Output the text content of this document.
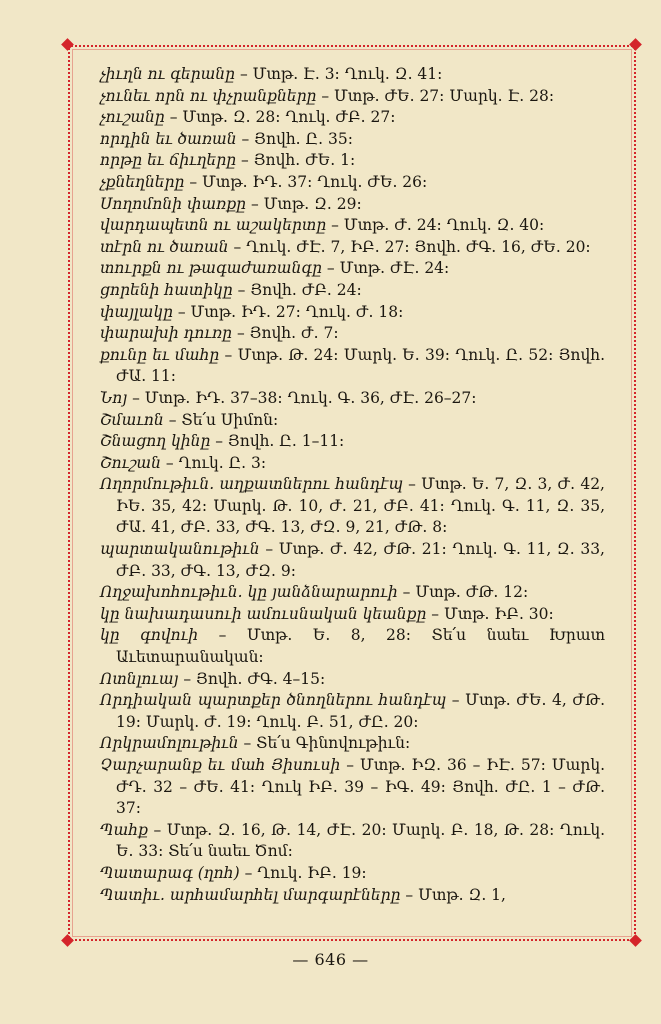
չիւղն ու գերանը – Մտթ. Է. 3: Ղուկ. Զ. 41:

չունեւ որն ու փչրանքները – Մտթ. ԺԵ. 27: Մարկ. Է. 28:

չուշանը – Մտթ. Զ. 28: Ղուկ. ԺԲ. 27:

որդին եւ ծառան – Յովհ. Ը. 35:

որթը եւ ճիւղերը – Յովհ. ԺԵ. 1:

չքնեղները – Մտթ. ԻԴ. 37: Ղուկ. ԺԵ. 26:

Սողոմոնի փառքը – Մտթ. Զ. 29:

վարդապետն ու աշակերտը – Մտթ. Ժ. 24: Ղուկ. Զ. 40:

տէրն ու ծառան – Ղուկ. ԺԷ. 7, ԻԲ. 27: Յովհ. ԺԳ. 16, ԺԵ. 20:

տուրքն ու թագաժառանգը – Մտթ. ԺԷ. 24:

ցորենի հատիկը – Յովհ. ԺԲ. 24:

փայլակը – Մտթ. ԻԴ. 27: Ղուկ. Ժ. 18:

փարախի դուռը – Յովհ. Ժ. 7:

քունը եւ մահը – Մտթ. Թ. 24: Մարկ. Ե. 39: Ղուկ. Ը. 52: Յովհ. ԺԱ. 11:

Նոյ – Մտթ. ԻԴ. 37–38: Ղուկ. Գ. 36, ԺԷ. 26–27:

Շմաւոն – Տե՛ս Սիմոն:

Շնացող կինը – Յովհ. Ը. 1–11:

Շուշան – Ղուկ. Ը. 3:

Ողորմութիւն. աղքատներու հանդէպ – Մտթ. Ե. 7, Զ. 3, Ժ. 42, ԻԵ. 35, 42: Մարկ. Թ. 10, Ժ. 21, ԺԲ. 41: Ղուկ. Գ. 11, Զ. 35, ԺԱ. 41, ԺԲ. 33, ԺԳ. 13, ԺԶ. 9, 21, ԺԹ. 8:

պարտականութիւն – Մտթ. Ժ. 42, ԺԹ. 21: Ղուկ. Գ. 11, Զ. 33, ԺԲ. 33, ԺԳ. 13, ԺԶ. 9:

Ողջախոհութիւն. կը յանձնարարուի – Մտթ. ԺԹ. 12:

կը նախադասուի ամուսնական կեանքը – Մտթ. ԻԲ. 30:

կը գովուի – Մտթ. Ե. 8, 28: Տե՛ս նաեւ Խրատ Աւետարանական:

Ոտնլուայ – Յովհ. ԺԳ. 4–15:

Որդիական պարտքեր ծնողներու հանդէպ – Մտթ. ԺԵ. 4, ԺԹ. 19: Մարկ. Ժ. 19: Ղուկ. Բ. 51, ԺԸ. 20:

Որկրամոլութիւն – Տե՛ս Գինովութիւն:

Չարչարանք եւ մահ Յիսուսի – Մտթ. ԻԶ. 36 – ԻԷ. 57: Մարկ. ԺԴ. 32 – ԺԵ. 41: Ղուկ ԻԲ. 39 – ԻԳ. 49: Յովհ. ԺԸ. 1 – ԺԹ. 37:

Պահք – Մտթ. Զ. 16, Թ. 14, ԺԷ. 20: Մարկ. Բ. 18, Թ. 28: Ղուկ. Ե. 33: Տե՛ս նաեւ Ծոմ:

Պատարագ (ղոհ) – Ղուկ. ԻԲ. 19:

Պատիւ. արհամարհել մարգարէները – Մտթ. Զ. 1,

— 646 —
